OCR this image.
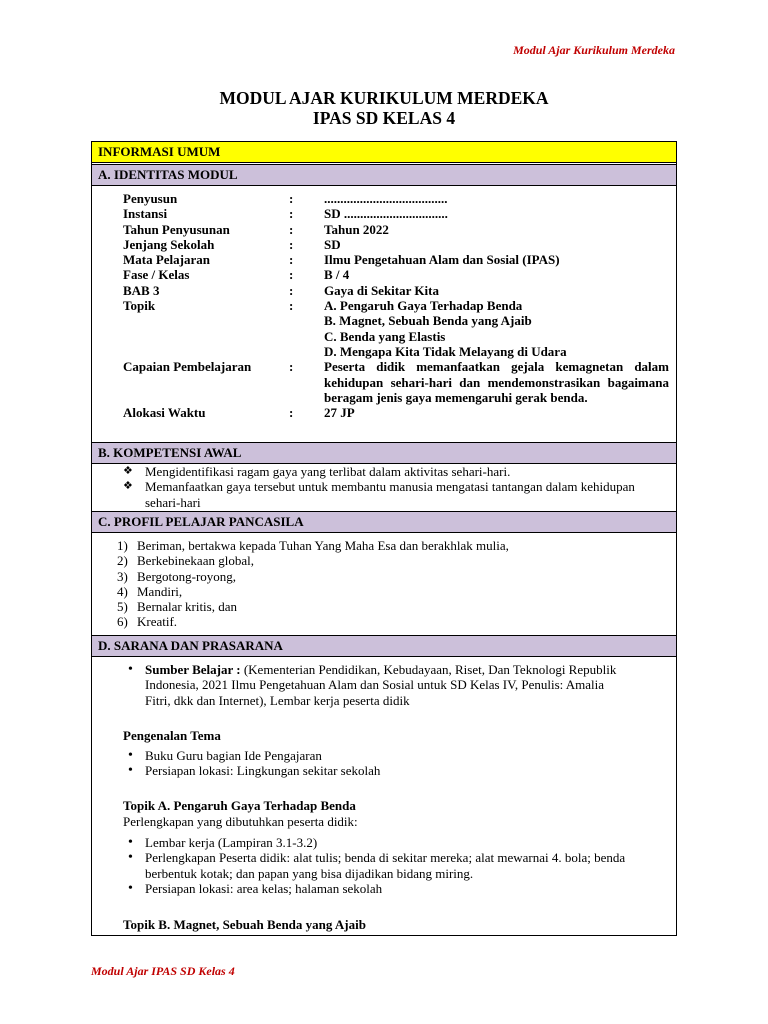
Modul Ajar Kurikulum Merdeka
MODUL AJAR KURIKULUM MERDEKA
IPAS SD KELAS 4
INFORMASI UMUM
A. IDENTITAS MODUL
Penyusun	: ......................................
Instansi	: SD ................................
Tahun Penyusunan	: Tahun 2022
Jenjang Sekolah	: SD
Mata Pelajaran	: Ilmu Pengetahuan Alam dan Sosial (IPAS)
Fase / Kelas	: B / 4
BAB 3	: Gaya di Sekitar Kita
Topik	: A. Pengaruh Gaya Terhadap Benda
B. Magnet, Sebuah Benda yang Ajaib
C. Benda yang Elastis
D. Mengapa Kita Tidak Melayang di Udara
Capaian Pembelajaran	: Peserta didik memanfaatkan gejala kemagnetan dalam kehidupan sehari-hari dan mendemonstrasikan bagaimana beragam jenis gaya memengaruhi gerak benda.
Alokasi Waktu	: 27 JP
B. KOMPETENSI AWAL
❖ Mengidentifikasi ragam gaya yang terlibat dalam aktivitas sehari-hari.
❖ Memanfaatkan gaya tersebut untuk membantu manusia mengatasi tantangan dalam kehidupan sehari-hari
C. PROFIL PELAJAR PANCASILA
1) Beriman, bertakwa kepada Tuhan Yang Maha Esa dan berakhlak mulia,
2) Berkebinekaan global,
3) Bergotong-royong,
4) Mandiri,
5) Bernalar kritis, dan
6) Kreatif.
D. SARANA DAN PRASARANA
• Sumber Belajar : (Kementerian Pendidikan, Kebudayaan, Riset, Dan Teknologi Republik Indonesia, 2021 Ilmu Pengetahuan Alam dan Sosial untuk SD Kelas IV, Penulis: Amalia Fitri, dkk dan Internet), Lembar kerja peserta didik
Pengenalan Tema
• Buku Guru bagian Ide Pengajaran
• Persiapan lokasi: Lingkungan sekitar sekolah
Topik A. Pengaruh Gaya Terhadap Benda
Perlengkapan yang dibutuhkan peserta didik:
• Lembar kerja (Lampiran 3.1-3.2)
• Perlengkapan Peserta didik: alat tulis; benda di sekitar mereka; alat mewarnai 4. bola; benda berbentuk kotak; dan papan yang bisa dijadikan bidang miring.
• Persiapan lokasi: area kelas; halaman sekolah
Topik B. Magnet, Sebuah Benda yang Ajaib
Modul Ajar IPAS SD Kelas 4
